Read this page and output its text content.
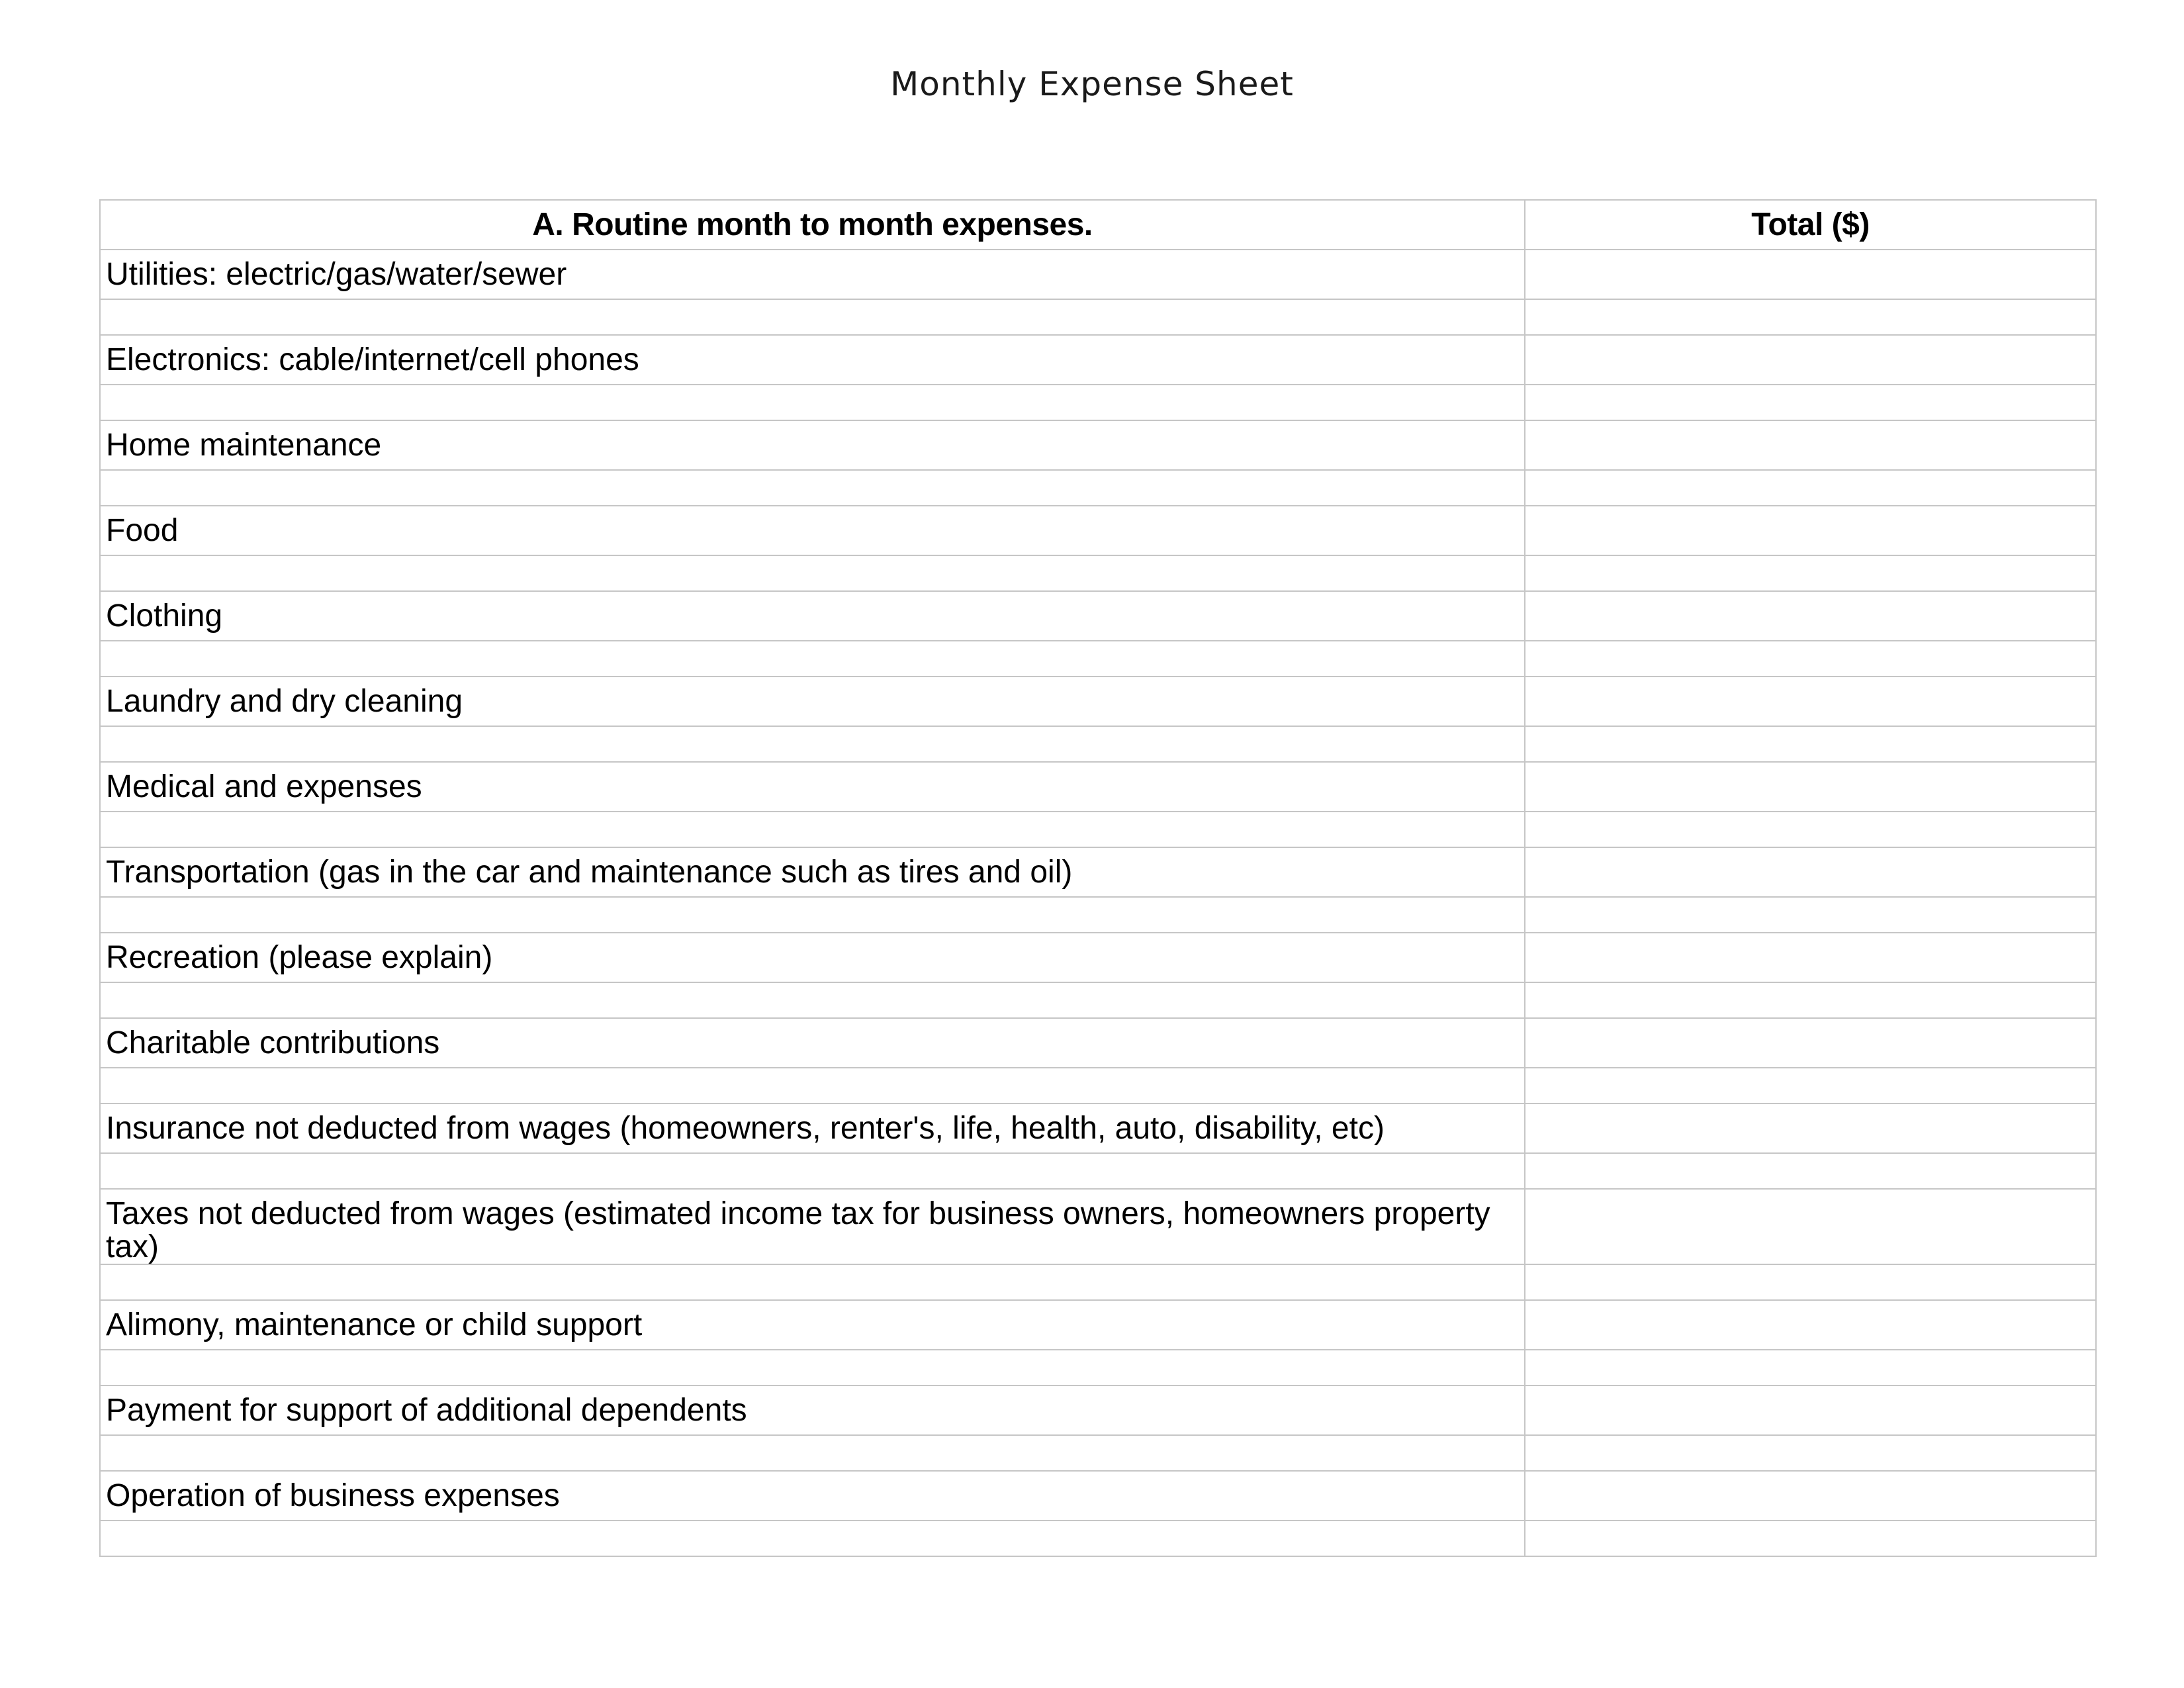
Monthly Expense Sheet
A. Routine month to month expenses.	Total ($)

Utilities: electric/gas/water/sewer	

Electronics: cable/internet/cell phones	

Home maintenance	

Food	

Clothing	

Laundry and dry cleaning	

Medical and expenses	

Transportation (gas in the car and maintenance such as tires and oil)	

Recreation (please explain)	

Charitable contributions	

Insurance not deducted from wages (homeowners, renter's, life, health, auto, disability, etc)	

Taxes not deducted from wages (estimated income tax for business owners, homeowners property tax)	

Alimony, maintenance or child support	

Payment for support of additional dependents	

Operation of business expenses	
